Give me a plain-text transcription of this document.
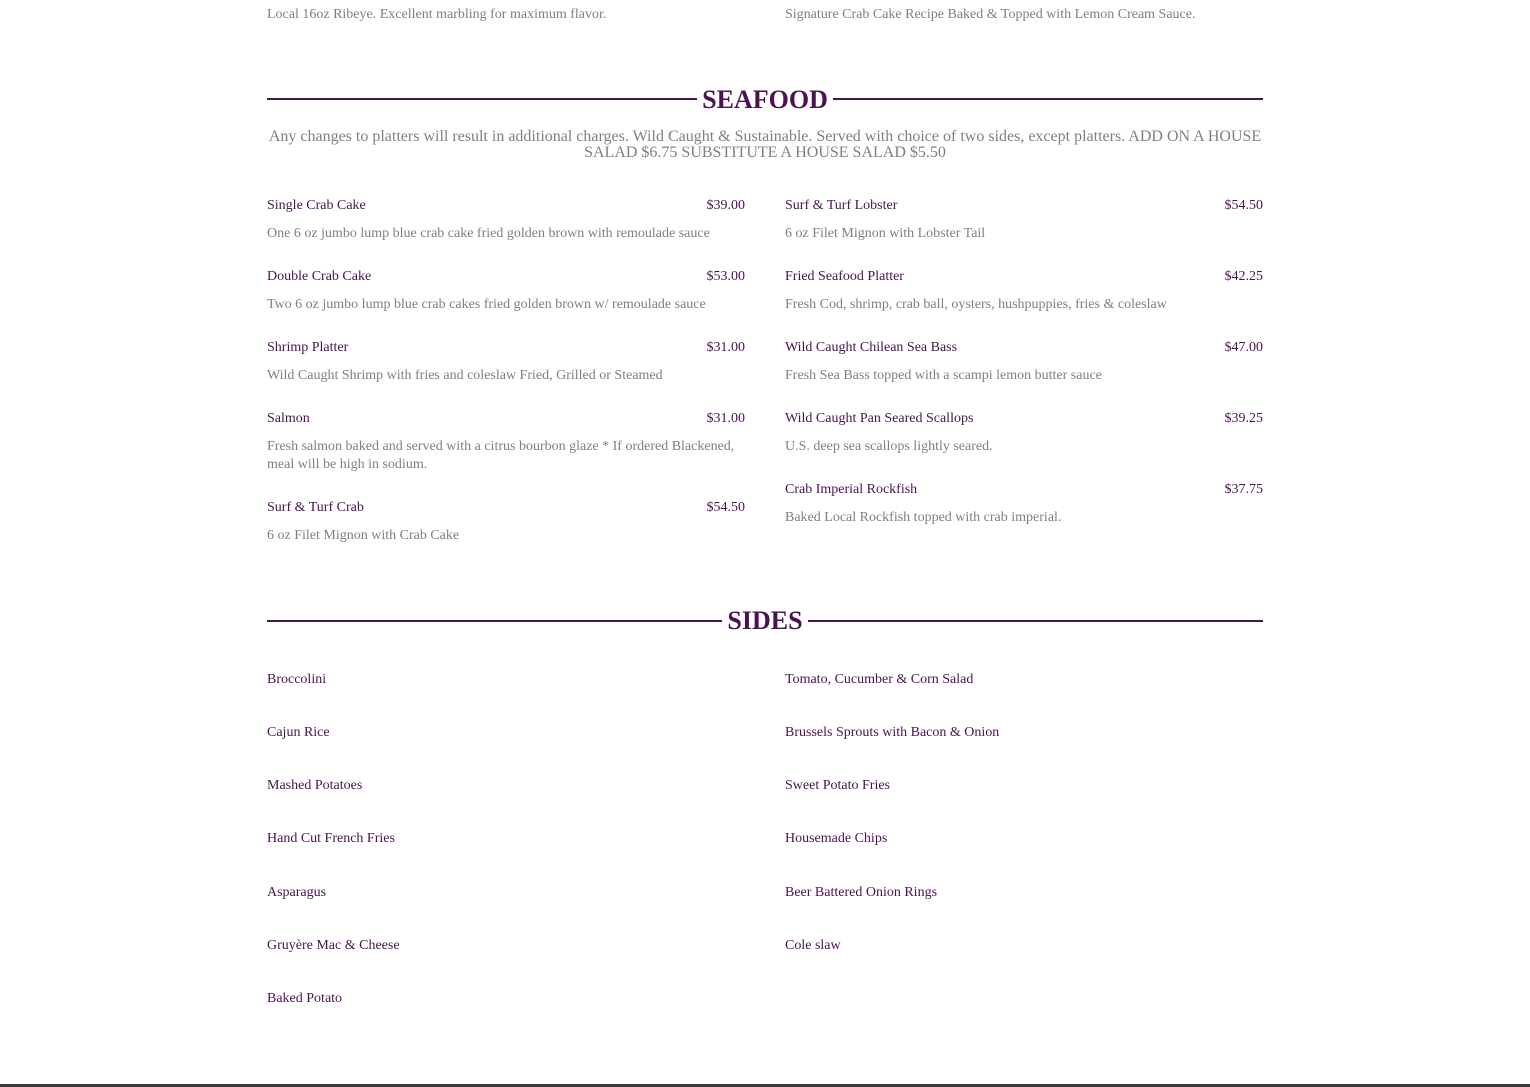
Local 16oz Ribeye. Excellent marbling for maximum flavor.	Signature Crab Cake Recipe Baked & Topped with Lemon Cream Sauce.
SEAFOOD
Any changes to platters will result in additional charges. Wild Caught & Sustainable. Served with choice of two sides, except platters. ADD ON A HOUSE SALAD $6.75 SUBSTITUTE A HOUSE SALAD $5.50
Single Crab Cake	$39.00
One 6 oz jumbo lump blue crab cake fried golden brown with remoulade sauce
Double Crab Cake	$53.00
Two 6 oz jumbo lump blue crab cakes fried golden brown w/ remoulade sauce
Shrimp Platter	$31.00
Wild Caught Shrimp with fries and coleslaw Fried, Grilled or Steamed
Salmon	$31.00
Fresh salmon baked and served with a citrus bourbon glaze * If ordered Blackened, meal will be high in sodium.
Surf & Turf Crab	$54.50
6 oz Filet Mignon with Crab Cake
Surf & Turf Lobster	$54.50
6 oz Filet Mignon with Lobster Tail
Fried Seafood Platter	$42.25
Fresh Cod, shrimp, crab ball, oysters, hushpuppies, fries & coleslaw
Wild Caught Chilean Sea Bass	$47.00
Fresh Sea Bass topped with a scampi lemon butter sauce
Wild Caught Pan Seared Scallops	$39.25
U.S. deep sea scallops lightly seared.
Crab Imperial Rockfish	$37.75
Baked Local Rockfish topped with crab imperial.
SIDES
Broccolini
Cajun Rice
Mashed Potatoes
Hand Cut French Fries
Asparagus
Gruyère Mac & Cheese
Baked Potato
Tomato, Cucumber & Corn Salad
Brussels Sprouts with Bacon & Onion
Sweet Potato Fries
Housemade Chips
Beer Battered Onion Rings
Cole slaw
